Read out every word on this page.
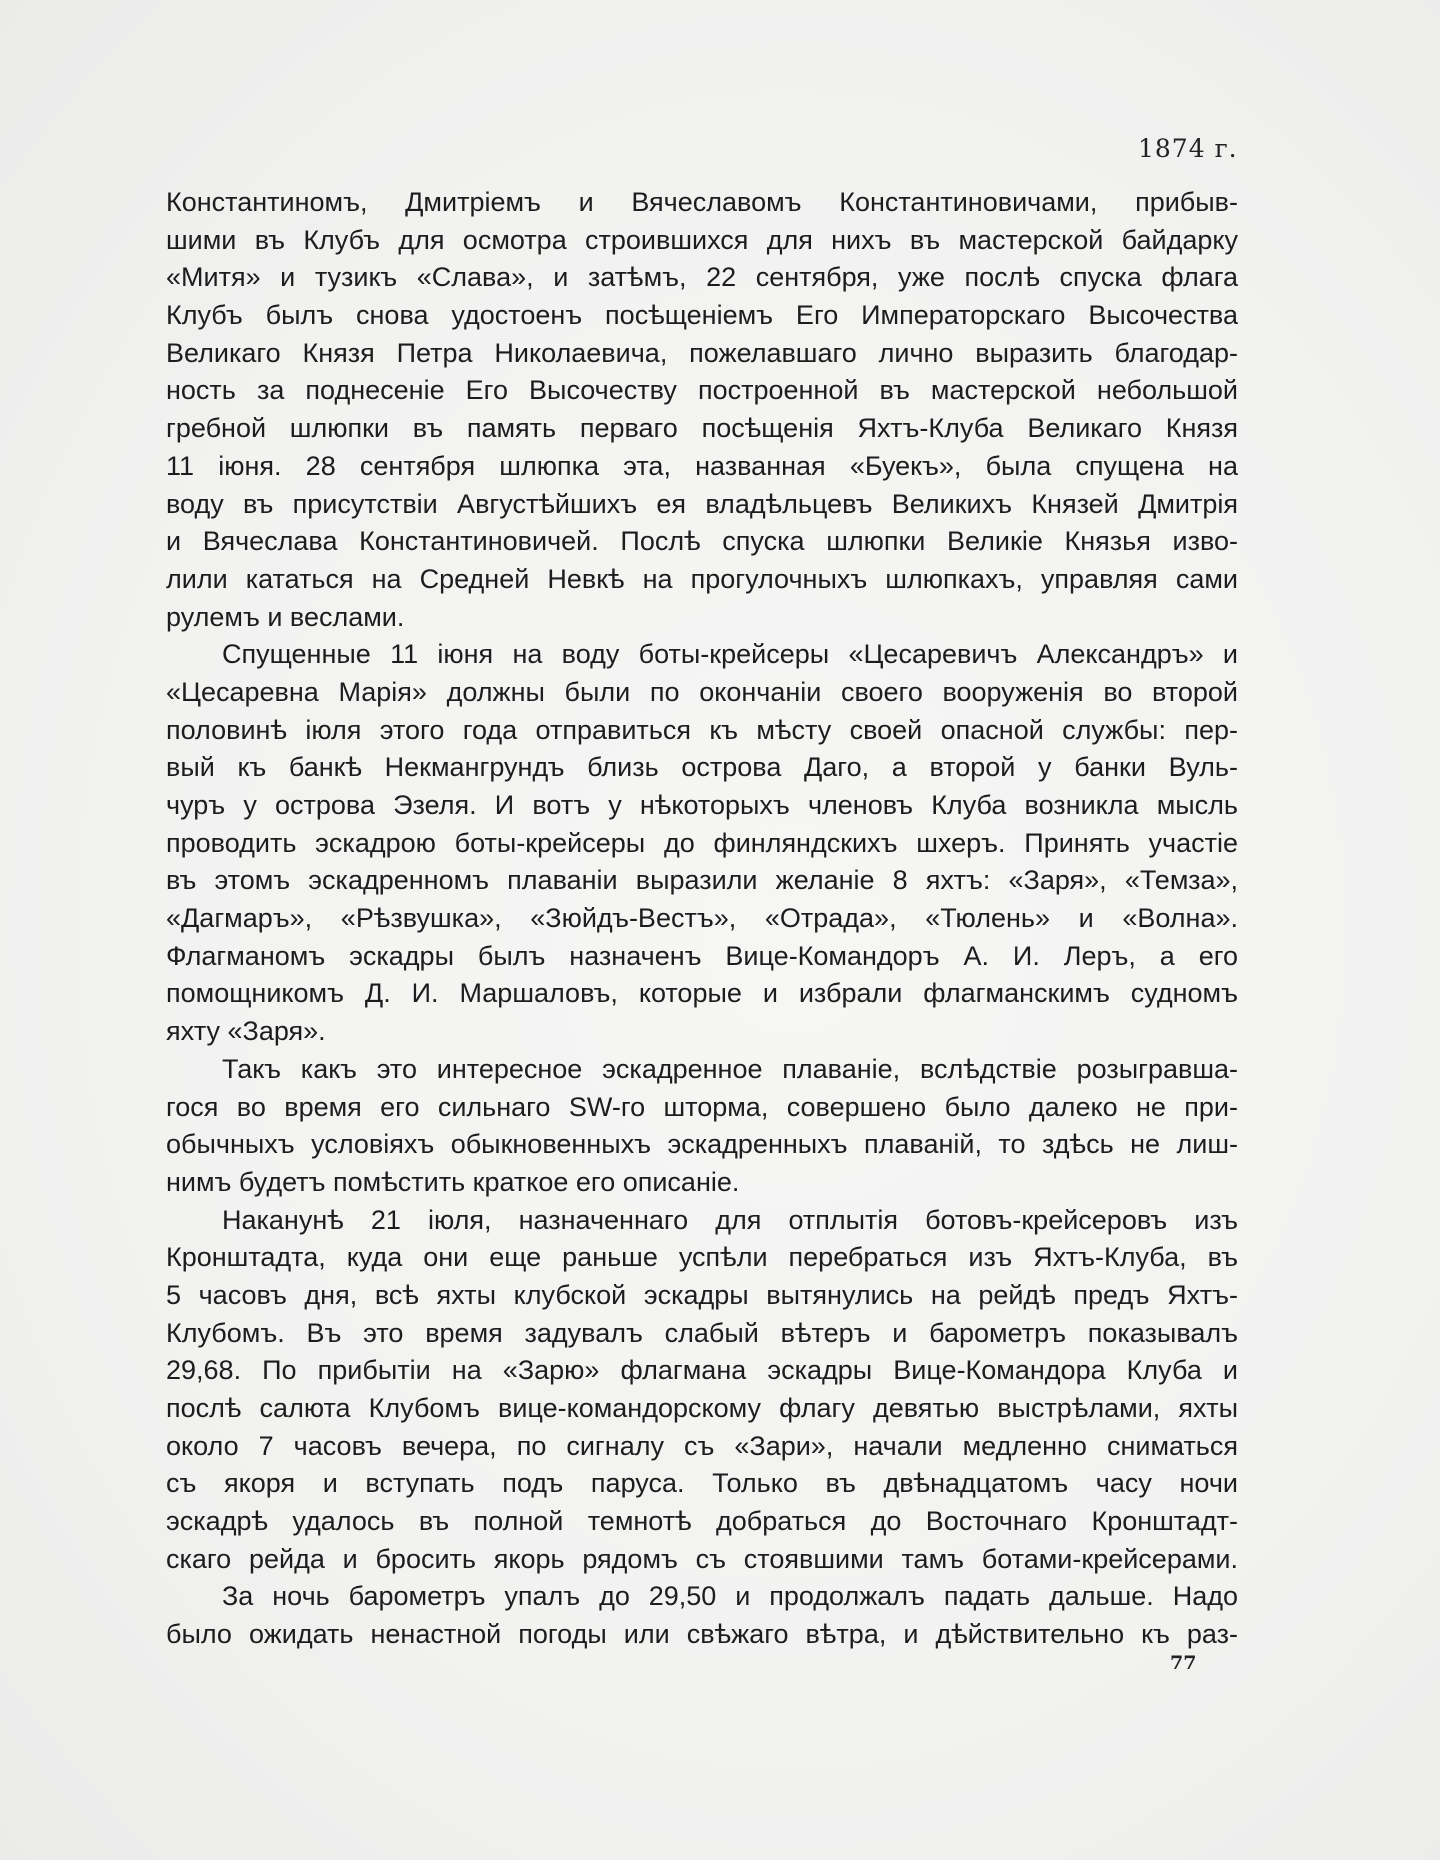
1874 г.
Константиномъ, Дмитріемъ и Вячеславомъ Константиновичами, прибыв-
шими въ Клубъ для осмотра строившихся для нихъ въ мастерской байдарку
«Митя» и тузикъ «Слава», и затѣмъ, 22 сентября, уже послѣ спуска флага
Клубъ былъ снова удостоенъ посѣщеніемъ Его Императорскаго Высочества
Великаго Князя Петра Николаевича, пожелавшаго лично выразить благодар-
ность за поднесеніе Его Высочеству построенной въ мастерской небольшой
гребной шлюпки въ память перваго посѣщенія Яхтъ-Клуба Великаго Князя
11 іюня. 28 сентября шлюпка эта, названная «Буекъ», была спущена на
воду въ присутствіи Августѣйшихъ ея владѣльцевъ Великихъ Князей Дмитрія
и Вячеслава Константиновичей. Послѣ спуска шлюпки Великіе Князья изво-
лили кататься на Средней Невкѣ на прогулочныхъ шлюпкахъ, управляя сами
рулемъ и веслами.
Спущенные 11 іюня на воду боты-крейсеры «Цесаревичъ Александръ» и
«Цесаревна Марія» должны были по окончаніи своего вооруженія во второй
половинѣ іюля этого года отправиться къ мѣсту своей опасной службы: пер-
вый къ банкѣ Некмангрундъ близь острова Даго, а второй у банки Вуль-
чуръ у острова Эзеля. И вотъ у нѣкоторыхъ членовъ Клуба возникла мысль
проводить эскадрою боты-крейсеры до финляндскихъ шхеръ. Принять участіе
въ этомъ эскадренномъ плаваніи выразили желаніе 8 яхтъ: «Заря», «Темза»,
«Дагмаръ», «Рѣзвушка», «Зюйдъ-Вестъ», «Отрада», «Тюлень» и «Волна».
Флагманомъ эскадры былъ назначенъ Вице-Командоръ А. И. Леръ, а его
помощникомъ Д. И. Маршаловъ, которые и избрали флагманскимъ судномъ
яхту «Заря».
Такъ какъ это интересное эскадренное плаваніе, вслѣдствіе розыгравша-
гося во время его сильнаго SW-го шторма, совершено было далеко не при-
обычныхъ условіяхъ обыкновенныхъ эскадренныхъ плаваній, то здѣсь не лиш-
нимъ будетъ помѣстить краткое его описаніе.
Наканунѣ 21 іюля, назначеннаго для отплытія ботовъ-крейсеровъ изъ
Кронштадта, куда они еще раньше успѣли перебраться изъ Яхтъ-Клуба, въ
5 часовъ дня, всѣ яхты клубской эскадры вытянулись на рейдѣ предъ Яхтъ-
Клубомъ. Въ это время задувалъ слабый вѣтеръ и барометръ показывалъ
29,68. По прибытіи на «Зарю» флагмана эскадры Вице-Командора Клуба и
послѣ салюта Клубомъ вице-командорскому флагу девятью выстрѣлами, яхты
около 7 часовъ вечера, по сигналу съ «Зари», начали медленно сниматься
съ якоря и вступать подъ паруса. Только въ двѣнадцатомъ часу ночи
эскадрѣ удалось въ полной темнотѣ добраться до Восточнаго Кронштадт-
скаго рейда и бросить якорь рядомъ съ стоявшими тамъ ботами-крейсерами.
За ночь барометръ упалъ до 29,50 и продолжалъ падать дальше. Надо
было ожидать ненастной погоды или свѣжаго вѣтра, и дѣйствительно къ раз-
77
